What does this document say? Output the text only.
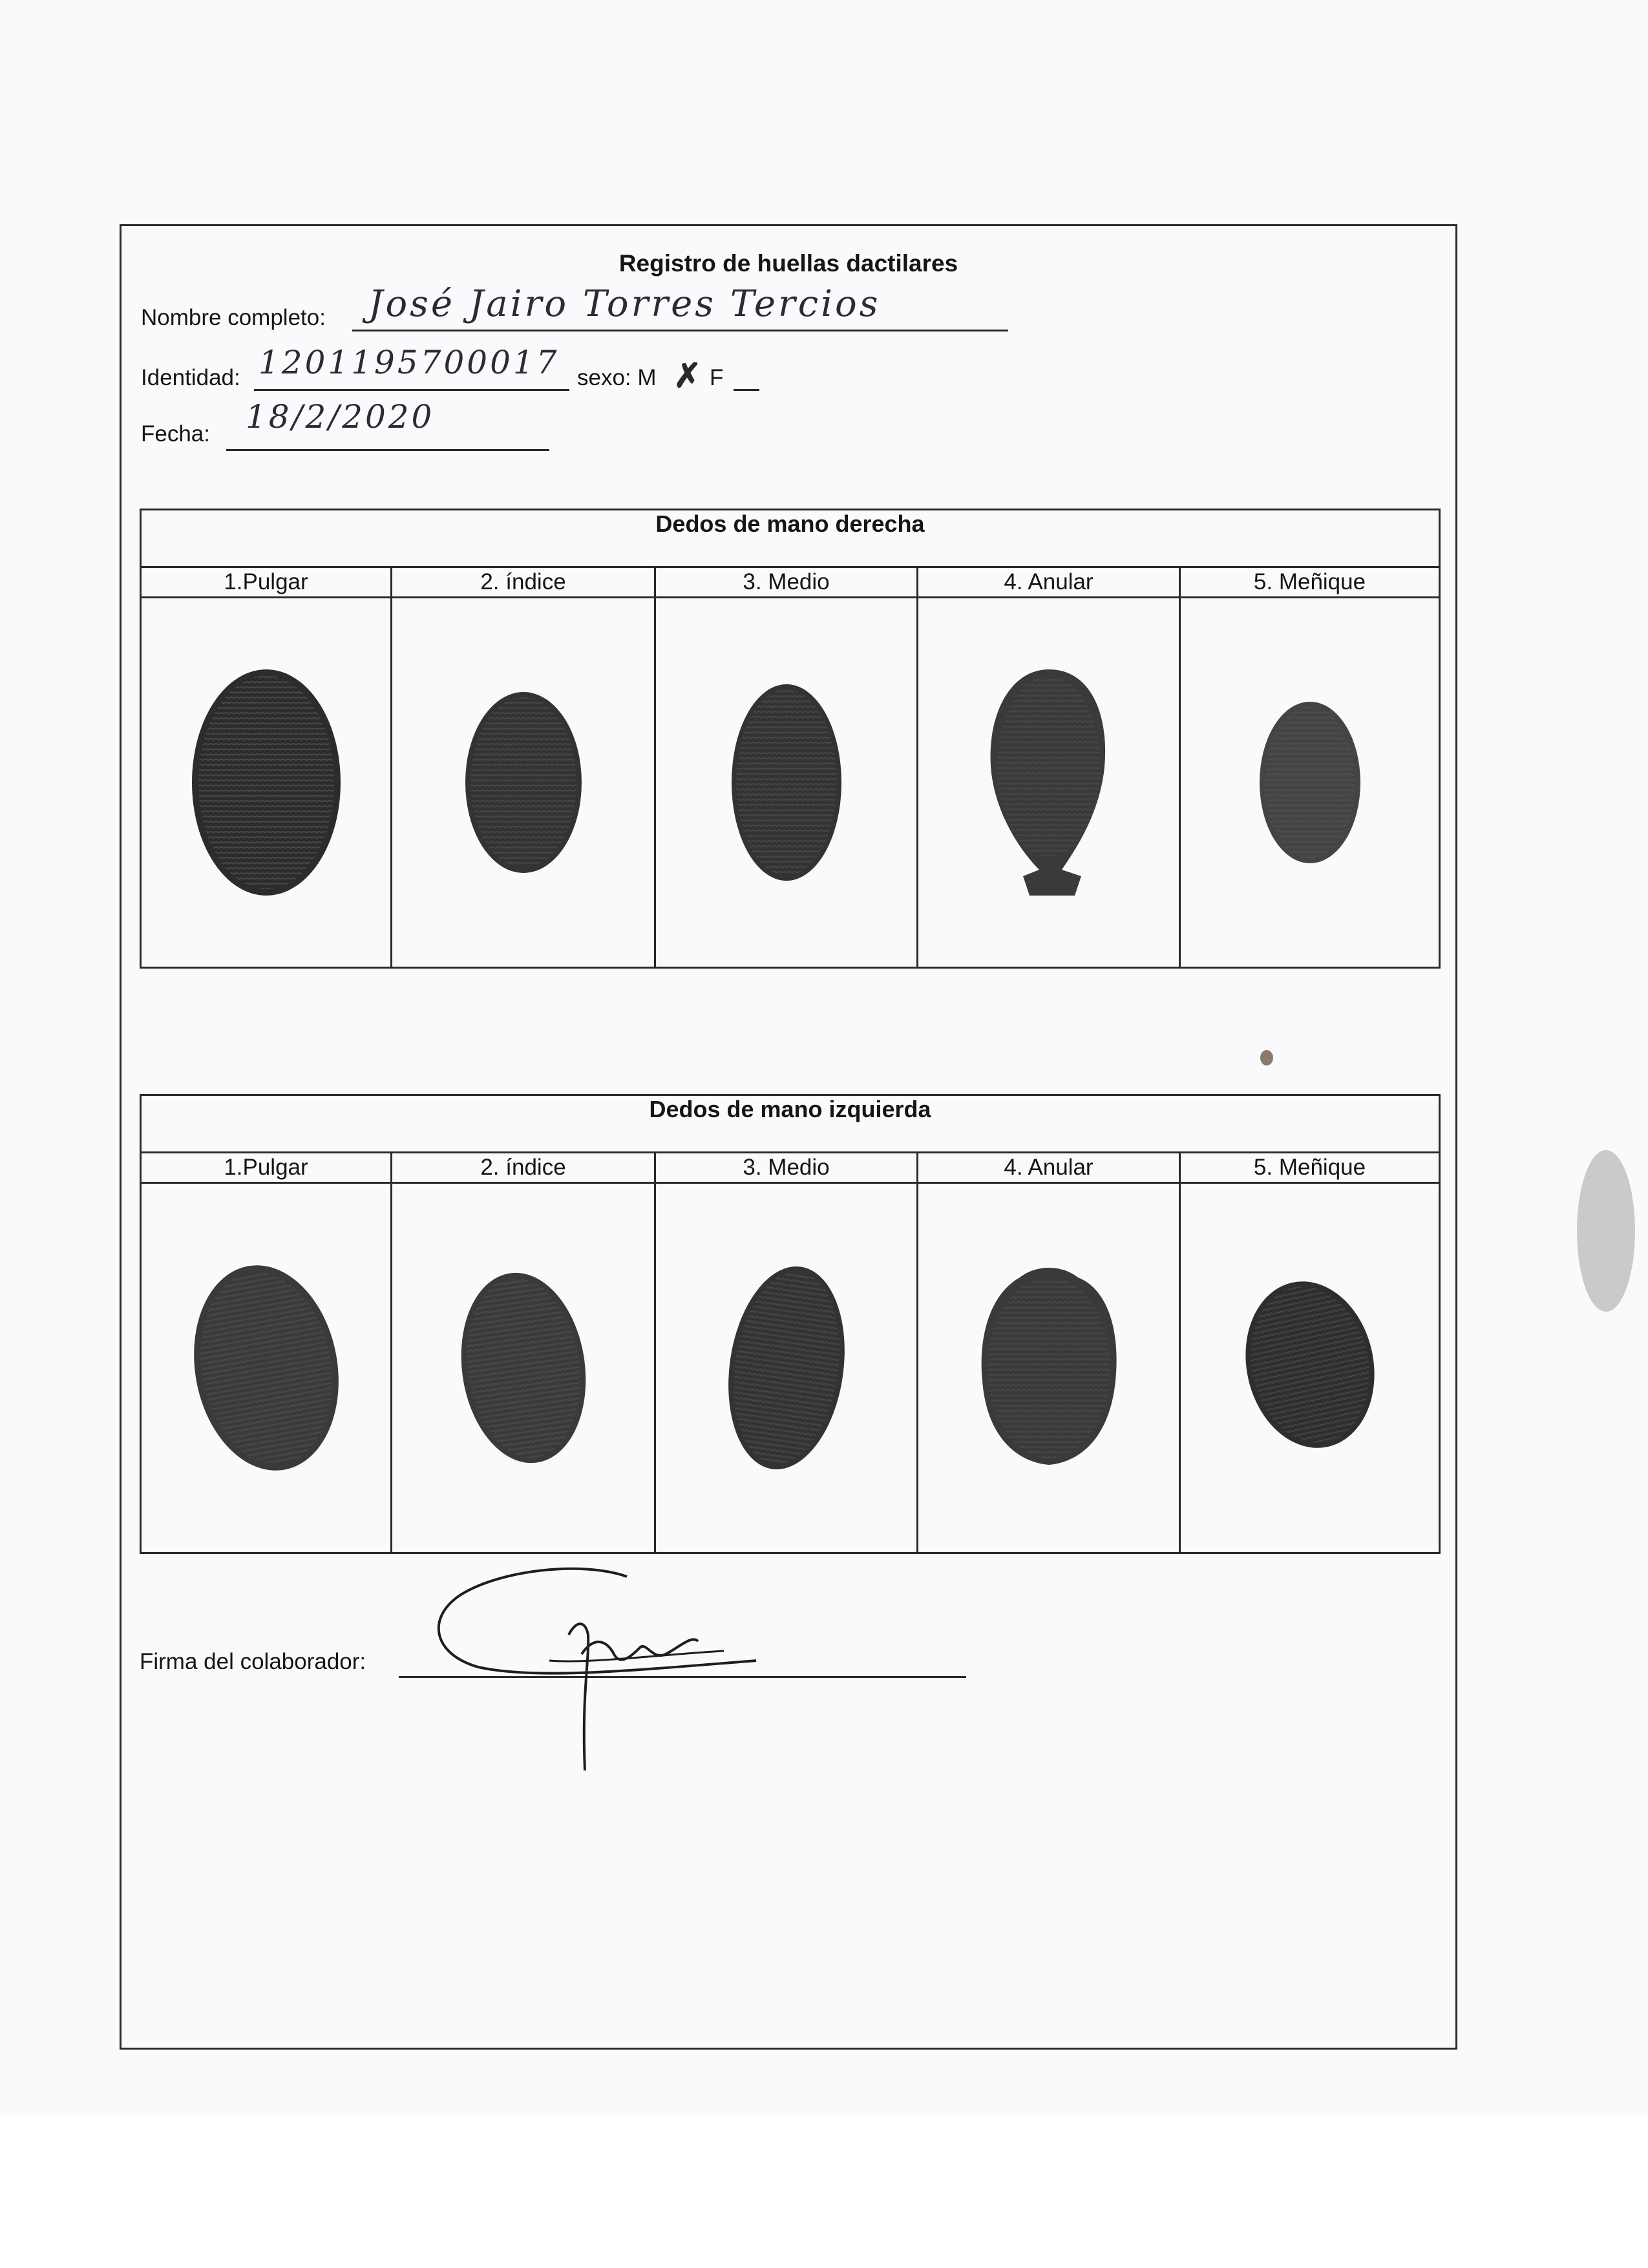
Registro de huellas dactilares
Nombre completo: José Jairo Torres Tercios
Identidad: 1201195700017 sexo: M ✗ F
Fecha: 18/2/2020
Dedos de mano derecha				
1.Pulgar	2. índice	3. Medio	4. Anular	5. Meñique

Dedos de mano izquierda				
1.Pulgar	2. índice	3. Medio	4. Anular	5. Meñique

Firma del colaborador:
